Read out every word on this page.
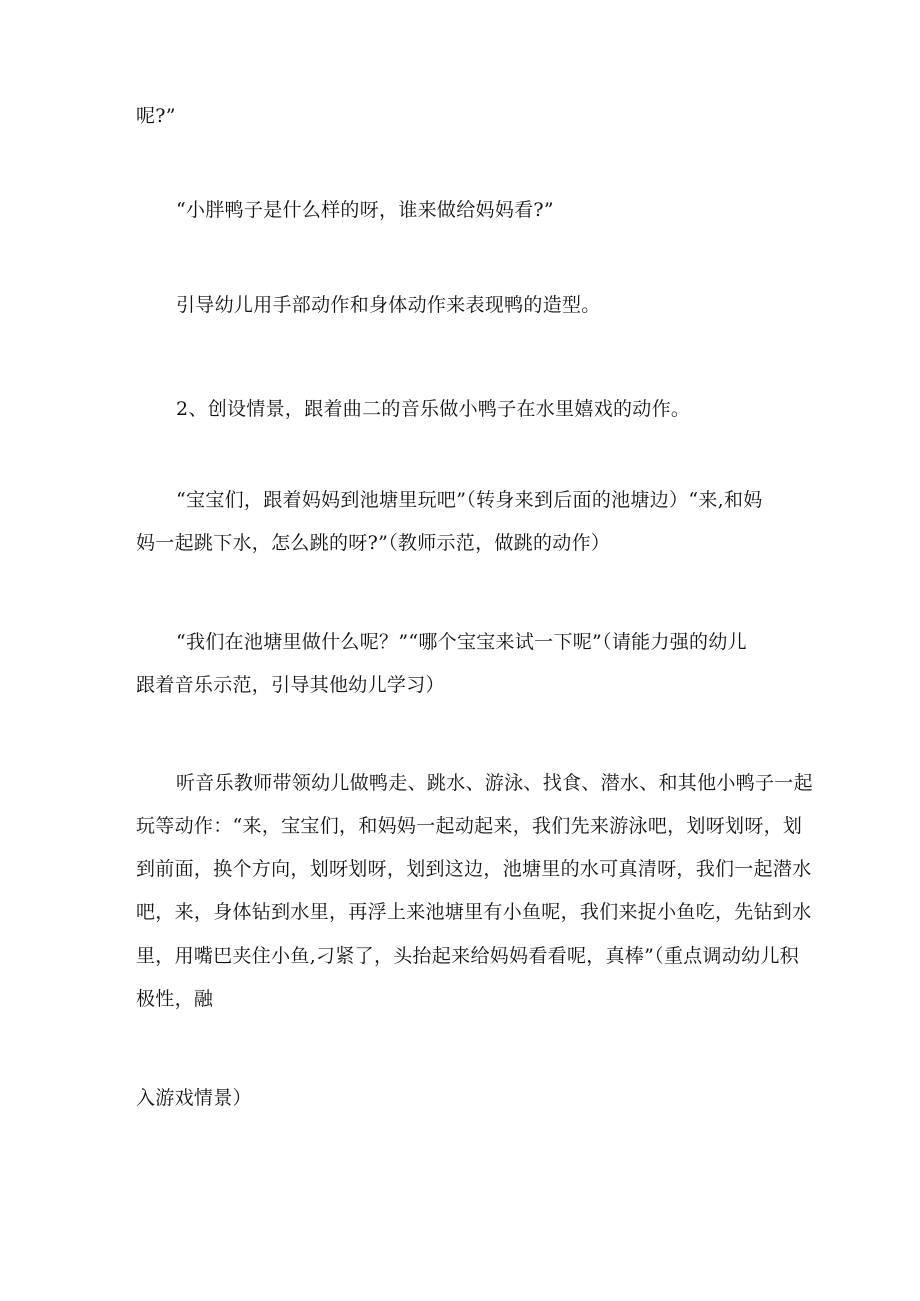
呢?”
“小胖鸭子是什么样的呀，谁来做给妈妈看?”
引导幼儿用手部动作和身体动作来表现鸭的造型。
2、创设情景，跟着曲二的音乐做小鸭子在水里嬉戏的动作。
“宝宝们，跟着妈妈到池塘里玩吧”（转身来到后面的池塘边）“来,和妈
妈一起跳下水，怎么跳的呀?”（教师示范，做跳的动作）
“我们在池塘里做什么呢？”“哪个宝宝来试一下呢”（请能力强的幼儿
跟着音乐示范，引导其他幼儿学习）
听音乐教师带领幼儿做鸭走、跳水、游泳、找食、潜水、和其他小鸭子一起
玩等动作：“来，宝宝们，和妈妈一起动起来，我们先来游泳吧，划呀划呀，划
到前面，换个方向，划呀划呀，划到这边，池塘里的水可真清呀，我们一起潜水
吧，来，身体钻到水里，再浮上来池塘里有小鱼呢，我们来捉小鱼吃，先钻到水
里，用嘴巴夹住小鱼,刁紧了，头抬起来给妈妈看看呢，真棒”（重点调动幼儿积
极性，融
入游戏情景）
